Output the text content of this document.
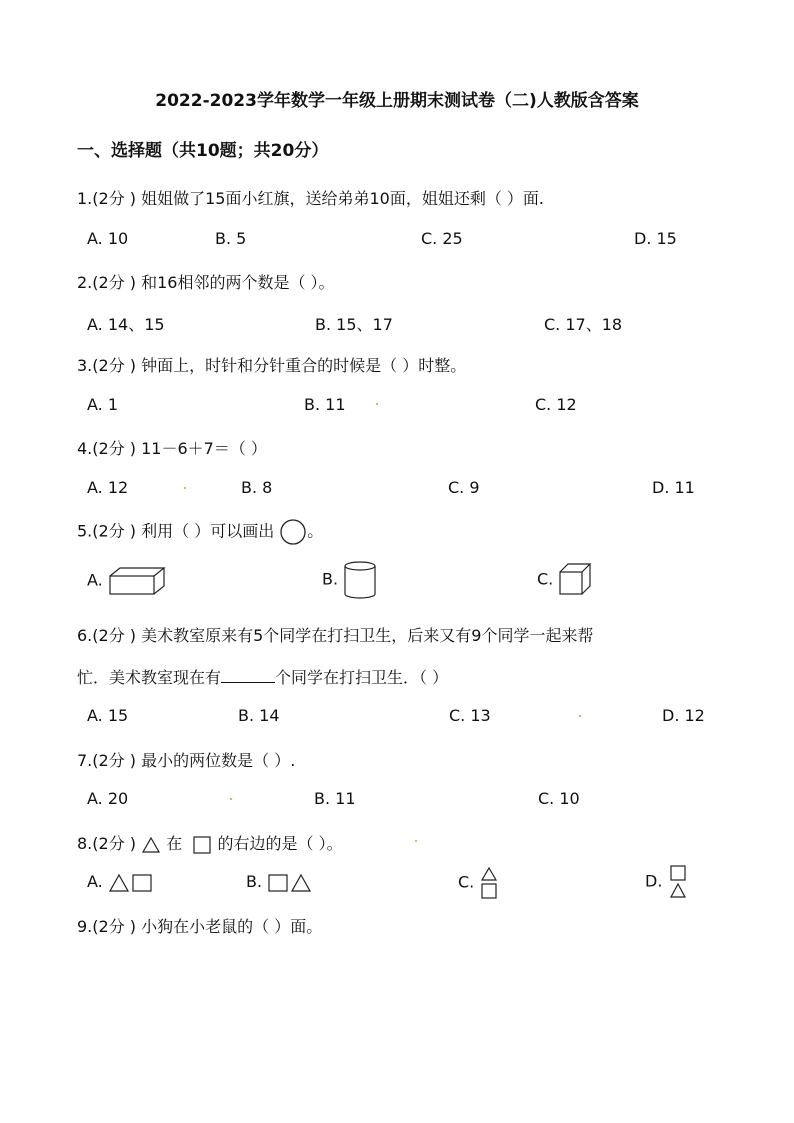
2022-2023学年数学一年级上册期末测试卷（二)人教版含答案
一、选择题（共10题；共20分）
1.(2分 ) 姐姐做了15面小红旗，送给弟弟10面，姐姐还剩（ ）面.
A. 10	B. 5	C. 25	D. 15
2.(2分 ) 和16相邻的两个数是（ ）。
A. 14、15	B. 15、17	C. 17、18
3.(2分 ) 钟面上，时针和分针重合的时候是（ ）时整。
A. 1	B. 11	C. 12
4.(2分 ) 11－6＋7＝（ ）
A. 12	B. 8	C. 9	D. 11
5.(2分 ) 利用（ ）可以画出 。
A.	B.	C.
6.(2分 ) 美术教室原来有5个同学在打扫卫生，后来又有9个同学一起来帮
忙．美术教室现在有	个同学在打扫卫生．（ ）
A. 15	B. 14	C. 13	D. 12
7.(2分 ) 最小的两位数是（ ）.
A. 20	B. 11	C. 10
8.(2分 ) 在 的右边的是（ ）。
A.	B.	C.	D.
9.(2分 ) 小狗在小老鼠的（ ）面。
